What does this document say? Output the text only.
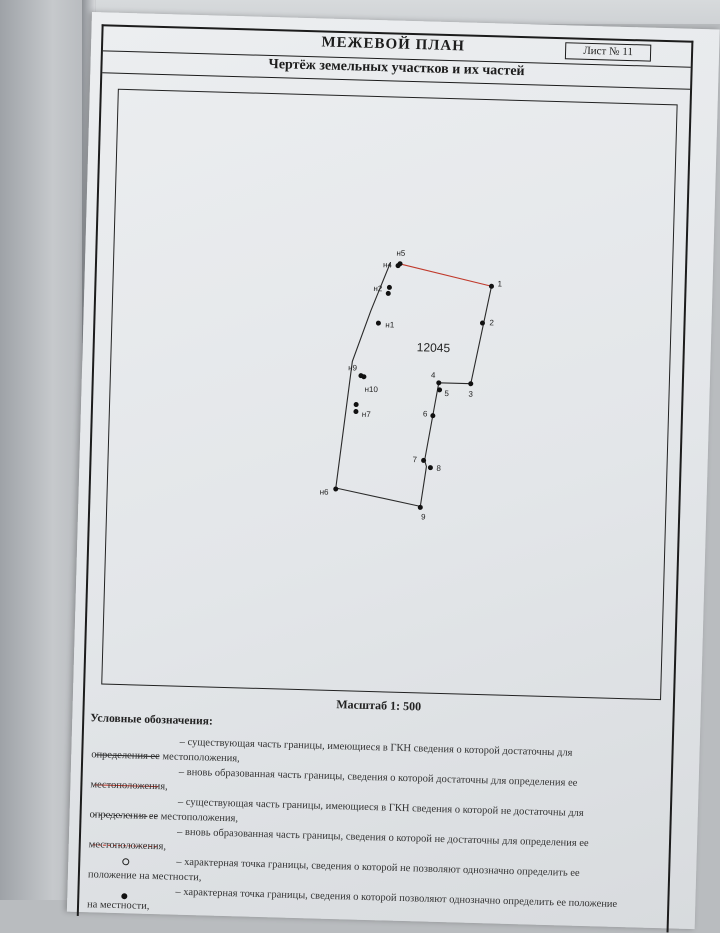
МЕЖЕВОЙ ПЛАН	Лист № 11
Чертёж земельных участков и их частей
12045
н5
н4
1
н2
2
н1
н9
4
н10	5 3
н7	6
7
8
н6
9
Масштаб 1: 500
Условные обозначения:
– существующая часть границы, имеющиеся в ГКН сведения о которой достаточны для
определения ее местоположения,
– вновь образованная часть границы, сведения о которой достаточны для определения ее
местоположения,
– существующая часть границы, имеющиеся в ГКН сведения о которой не достаточны для
определения ее местоположения,
– вновь образованная часть границы, сведения о которой не достаточны для определения ее
местоположения,
– характерная точка границы, сведения о которой не позволяют однозначно определить ее
положение на местности,
– характерная точка границы, сведения о которой позволяют однозначно определить ее положение
на местности,
